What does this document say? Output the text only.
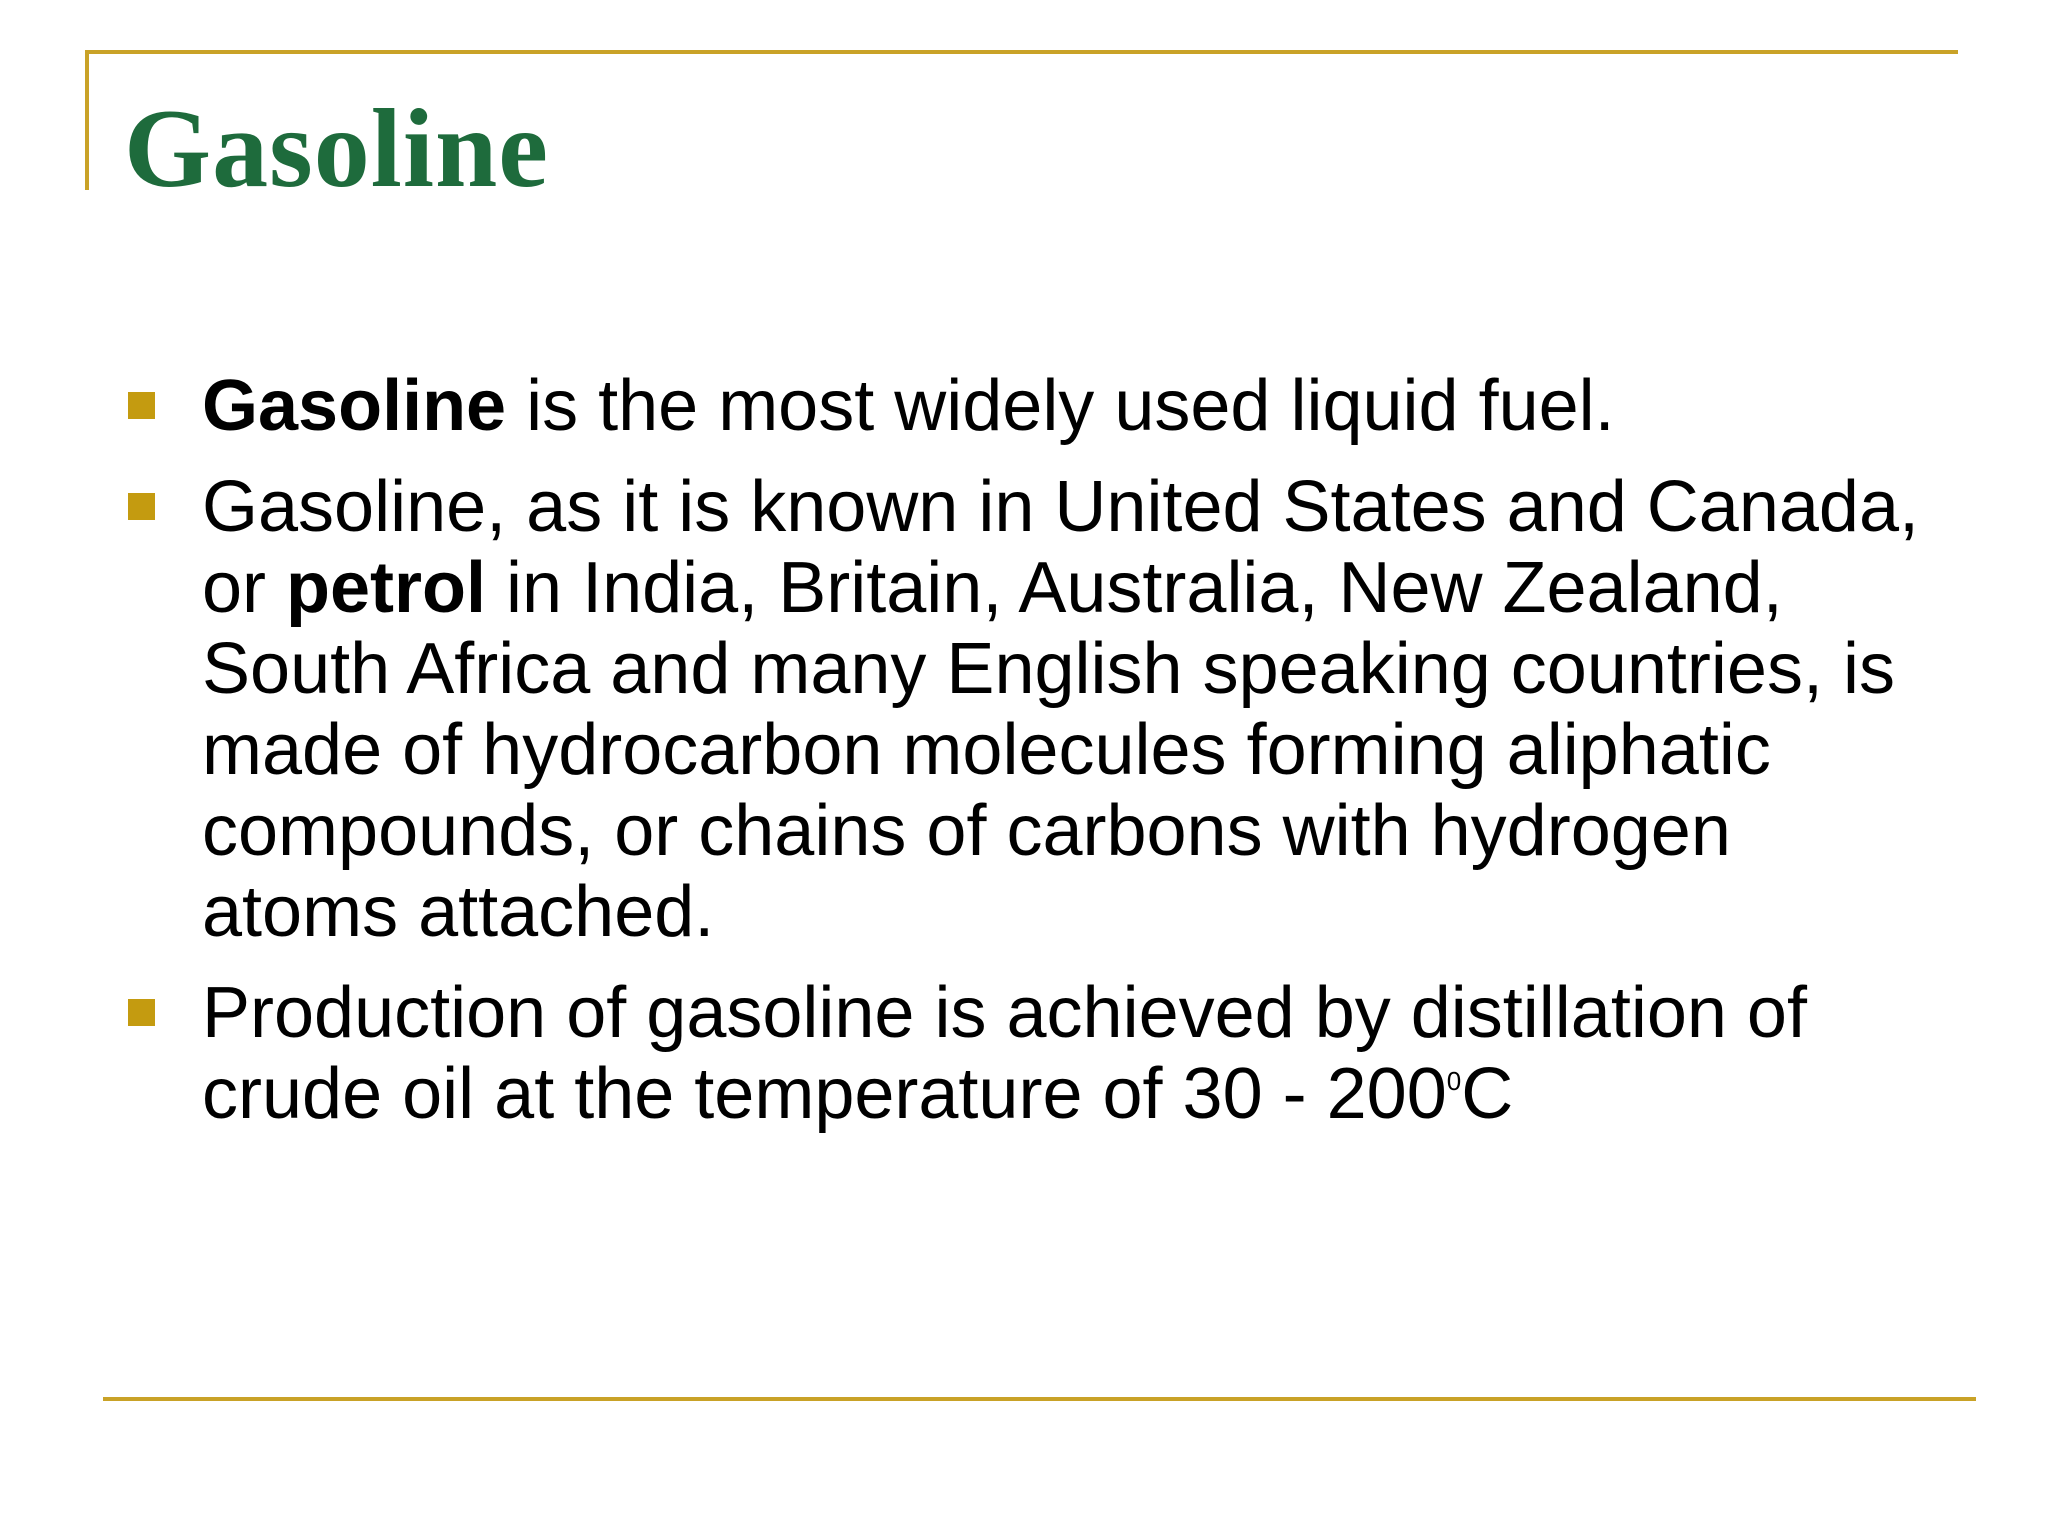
Gasoline
Gasoline is the most widely used liquid fuel.
Gasoline, as it is known in United States and Canada, or petrol in India, Britain, Australia, New Zealand, South Africa and many English speaking countries, is made of hydrocarbon molecules forming aliphatic compounds, or chains of carbons with hydrogen atoms attached.
Production of gasoline is achieved by distillation of crude oil at the temperature of $30 - 200^0C$
